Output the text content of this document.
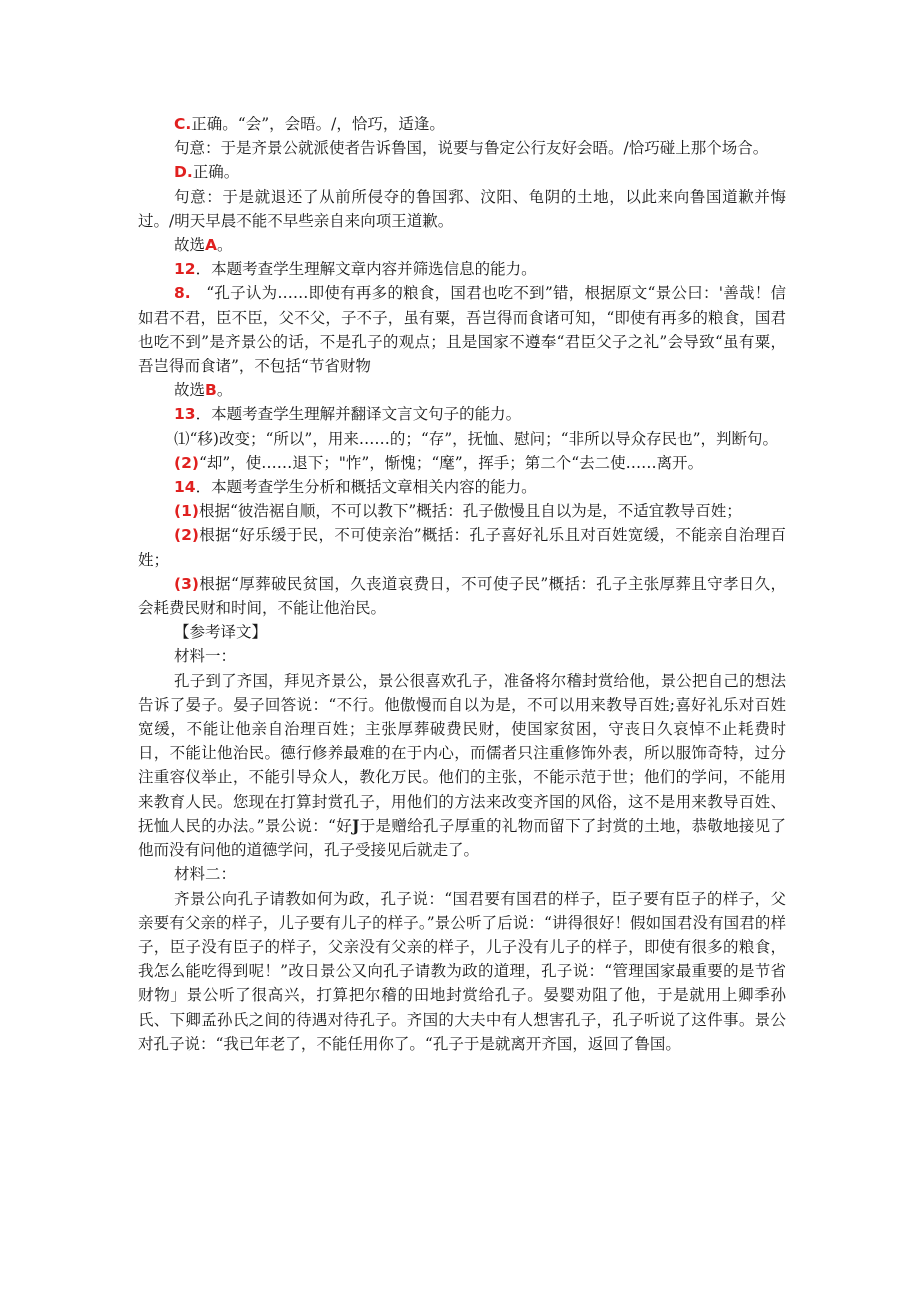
C.正确。“会”，会晤。/，恰巧，适逢。

句意：于是齐景公就派使者告诉鲁国，说要与鲁定公行友好会晤。/恰巧碰上那个场合。

D.正确。

句意：于是就退还了从前所侵夺的鲁国郛、汶阳、龟阴的土地，以此来向鲁国道歉并悔过。/明天早晨不能不早些亲自来向项王道歉。

故选A。

12．本题考查学生理解文章内容并筛选信息的能力。

8. “孔子认为……即使有再多的粮食，国君也吃不到”错，根据原文“景公曰：'善哉！信如君不君，臣不臣，父不父，子不子，虽有粟，吾岂得而食诸可知，“即使有再多的粮食，国君也吃不到”是齐景公的话，不是孔子的观点；且是国家不遵奉“君臣父子之礼”会导致“虽有粟，吾岂得而食诸”，不包括“节省财物

故选B。

13．本题考查学生理解并翻译文言文句子的能力。

⑴“移)改变；“所以”，用来……的；“存”，抚恤、慰问；“非所以导众存民也”，判断句。

(2)“却”，使……退下；"怍”，惭愧；“麾”，挥手；第二个“去二使……离开。

14．本题考查学生分析和概括文章相关内容的能力。

(1)根据“彼浩裾自顺，不可以教下”概括：孔子傲慢且自以为是，不适宜教导百姓；

(2)根据“好乐缓于民，不可使亲治”概括：孔子喜好礼乐且对百姓宽缓，不能亲自治理百姓；

(3)根据“厚葬破民贫国，久丧道哀费日，不可使子民”概括：孔子主张厚葬且守孝日久，会耗费民财和时间，不能让他治民。

【参考译文】

材料一：

孔子到了齐国，拜见齐景公，景公很喜欢孔子，准备将尔稽封赏给他，景公把自己的想法告诉了晏子。晏子回答说：“不行。他傲慢而自以为是，不可以用来教导百姓;喜好礼乐对百姓宽缓，不能让他亲自治理百姓；主张厚葬破费民财，使国家贫困，守丧日久哀悼不止耗费时日，不能让他治民。德行修养最难的在于内心，而儒者只注重修饰外表，所以服饰奇特，过分注重容仪举止，不能引导众人，教化万民。他们的主张，不能示范于世；他们的学问，不能用来教育人民。您现在打算封赏孔子，用他们的方法来改变齐国的风俗，这不是用来教导百姓、抚恤人民的办法。”景公说：“好J于是赠给孔子厚重的礼物而留下了封赏的土地，恭敬地接见了他而没有问他的道德学问，孔子受接见后就走了。

材料二：

齐景公向孔子请教如何为政，孔子说：“国君要有国君的样子，臣子要有臣子的样子，父亲要有父亲的样子，儿子要有儿子的样子。”景公听了后说：“讲得很好！假如国君没有国君的样子，臣子没有臣子的样子，父亲没有父亲的样子，儿子没有儿子的样子，即使有很多的粮食，我怎么能吃得到呢！”改日景公又向孔子请教为政的道理，孔子说：“管理国家最重要的是节省财物」景公听了很高兴，打算把尔稽的田地封赏给孔子。晏婴劝阻了他，于是就用上卿季孙氏、下卿孟孙氏之间的待遇对待孔子。齐国的大夫中有人想害孔子，孔子听说了这件事。景公对孔子说：“我已年老了，不能任用你了。“孔子于是就离开齐国，返回了鲁国。
